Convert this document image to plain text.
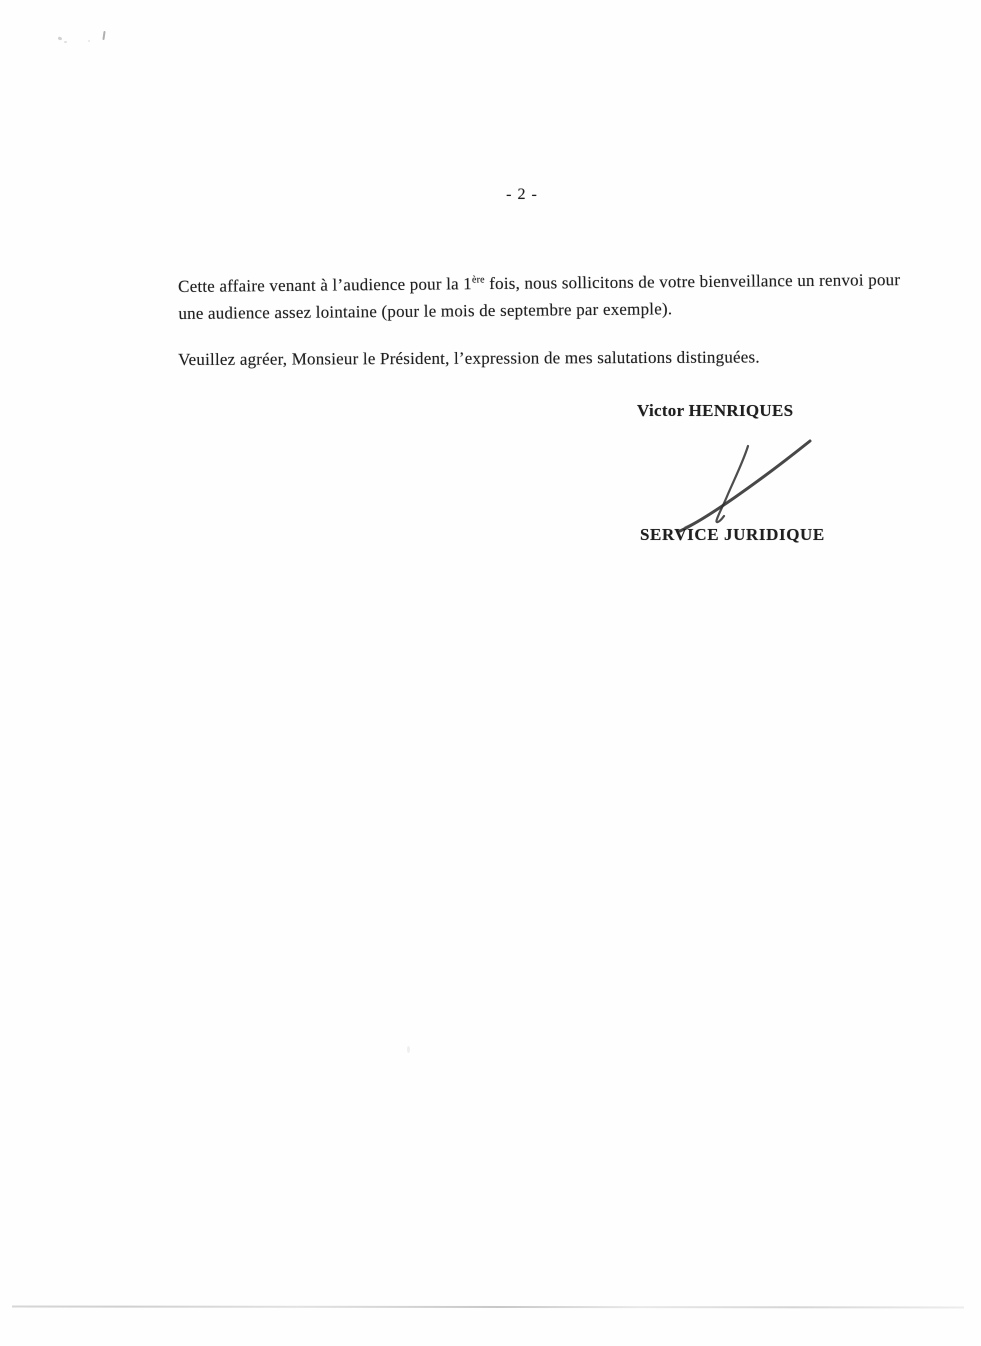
- 2 -

Cette affaire venant à l’audience pour la 1ère fois, nous sollicitons de votre bienveillance un renvoi pour une audience assez lointaine (pour le mois de septembre par exemple).

Veuillez agréer, Monsieur le Président, l’expression de mes salutations distinguées.

Victor HENRIQUES
SERVICE JURIDIQUE
